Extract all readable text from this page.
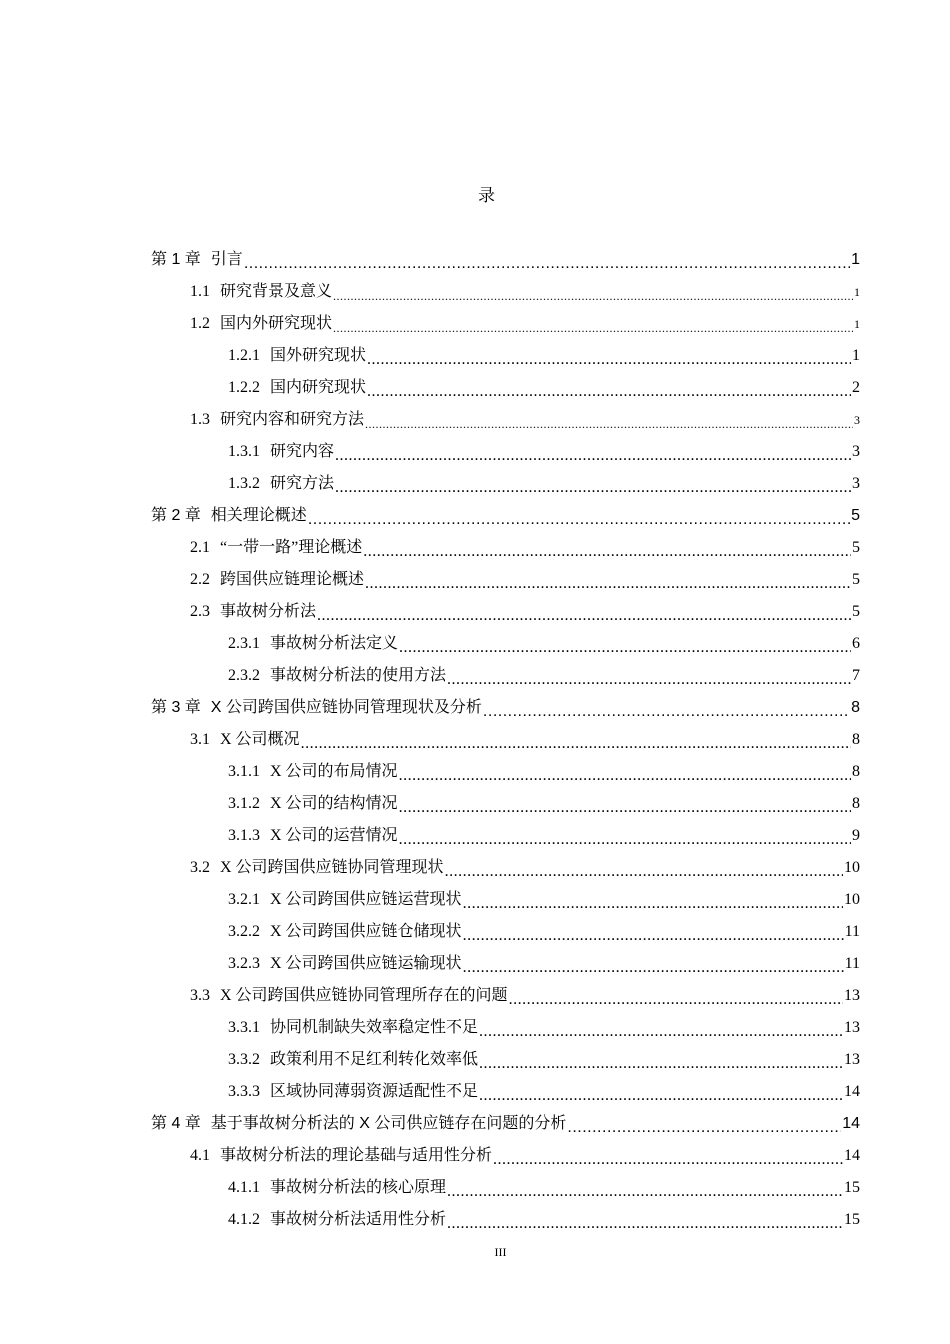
录
第 1 章 引言 .....	1
1.1 研究背景及意义 .....	1
1.2 国内外研究现状 .....	1
1.2.1 国外研究现状 .....	1
1.2.2 国内研究现状 .....	2
1.3 研究内容和研究方法 .....	3
1.3.1 研究内容 .....	3
1.3.2 研究方法 .....	3
第 2 章 相关理论概述 .....	5
2.1 “一带一路”理论概述 .....	5
2.2 跨国供应链理论概述 .....	5
2.3 事故树分析法 .....	5
2.3.1 事故树分析法定义 .....	6
2.3.2 事故树分析法的使用方法 .....	7
第 3 章 X 公司跨国供应链协同管理现状及分析 .....	8
3.1 X 公司概况 .....	8
3.1.1 X 公司的布局情况 .....	8
3.1.2 X 公司的结构情况 .....	8
3.1.3 X 公司的运营情况 .....	9
3.2 X 公司跨国供应链协同管理现状 .....	10
3.2.1 X 公司跨国供应链运营现状 .....	10
3.2.2 X 公司跨国供应链仓储现状 .....	11
3.2.3 X 公司跨国供应链运输现状 .....	11
3.3 X 公司跨国供应链协同管理所存在的问题 .....	13
3.3.1 协同机制缺失效率稳定性不足 .....	13
3.3.2 政策利用不足红利转化效率低 .....	13
3.3.3 区域协同薄弱资源适配性不足 .....	14
第 4 章 基于事故树分析法的 X 公司供应链存在问题的分析 .....	14
4.1 事故树分析法的理论基础与适用性分析 .....	14
4.1.1 事故树分析法的核心原理 .....	15
4.1.2 事故树分析法适用性分析 .....	15
III
